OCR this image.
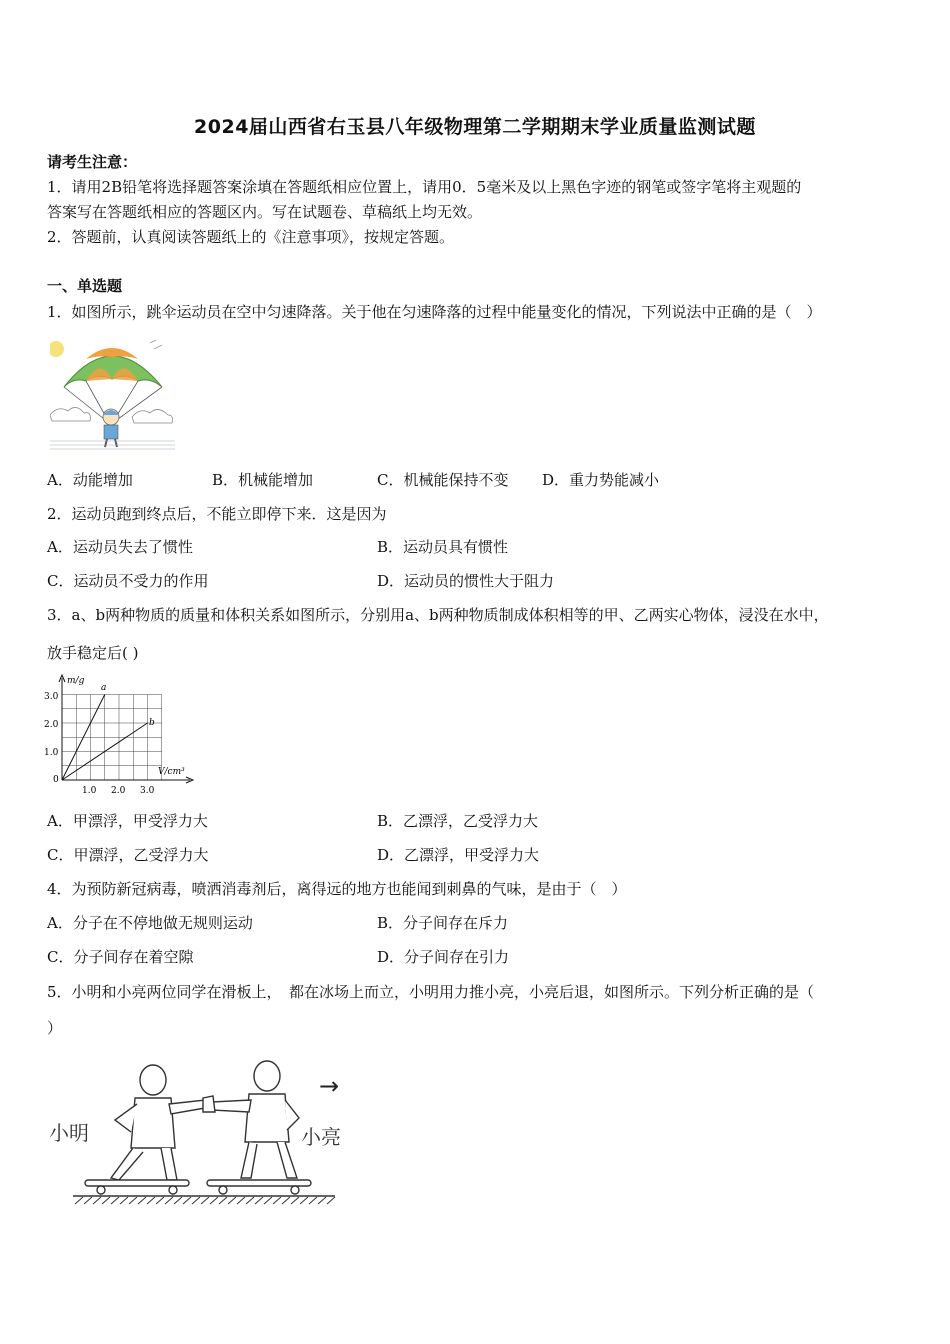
2024届山西省右玉县八年级物理第二学期期末学业质量监测试题
请考生注意：
1．请用2B铅笔将选择题答案涂填在答题纸相应位置上，请用0．5毫米及以上黑色字迹的钢笔或签字笔将主观题的
答案写在答题纸相应的答题区内。写在试题卷、草稿纸上均无效。
2．答题前，认真阅读答题纸上的《注意事项》，按规定答题。
一、单选题
1．如图所示，跳伞运动员在空中匀速降落。关于他在匀速降落的过程中能量变化的情况，下列说法中正确的是（　）
A．动能增加	B．机械能增加	C．机械能保持不变 D．重力势能减小
2．运动员跑到终点后，不能立即停下来．这是因为
A．运动员失去了惯性	B．运动员具有惯性
C．运动员不受力的作用	D．运动员的惯性大于阻力
3．a、b两种物质的质量和体积关系如图所示，分别用a、b两种物质制成体积相等的甲、乙两实心物体，浸没在水中，
放手稳定后( )
m/g
V/cm³
3.0
2.0
1.0
0
1.0 2.0 3.0
a
b
A．甲漂浮，甲受浮力大	B．乙漂浮，乙受浮力大
C．甲漂浮，乙受浮力大	D．乙漂浮，甲受浮力大
4．为预防新冠病毒，喷洒消毒剂后，离得远的地方也能闻到刺鼻的气味，是由于（　）
A．分子在不停地做无规则运动	B．分子间存在斥力
C．分子间存在着空隙	D．分子间存在引力
5．小明和小亮两位同学在滑板上，　都在冰场上而立，小明用力推小亮，小亮后退，如图所示。下列分析正确的是（
）
小明	小亮
→
